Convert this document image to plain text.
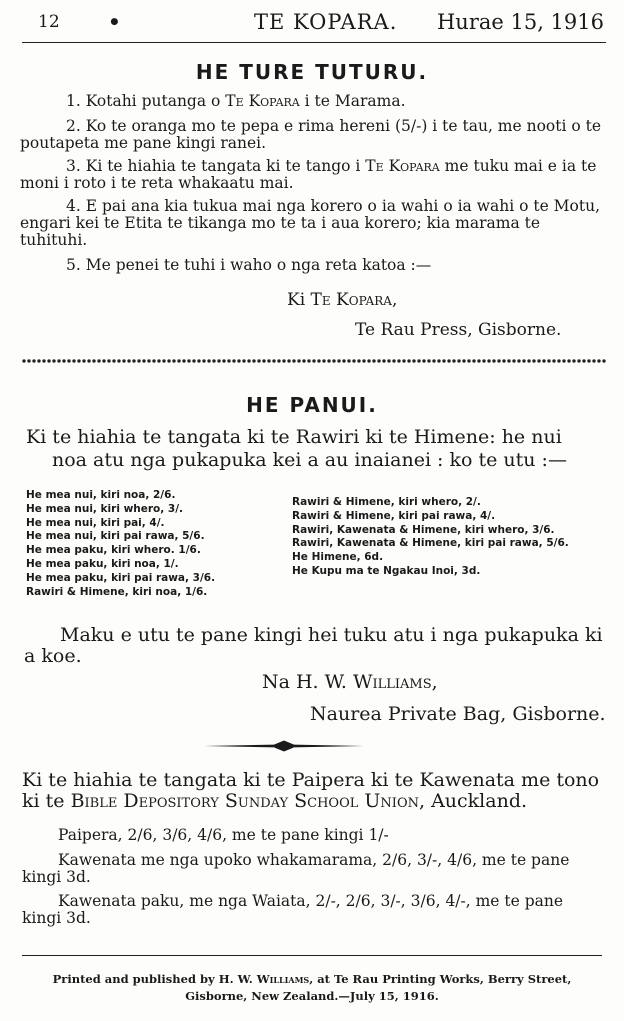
12 •	TE KOPARA. Hurae 15, 1916
HE TURE TUTURU.

1. Kotahi putanga o Te Kopara i te Marama.

2. Ko te oranga mo te pepa e rima hereni (5/-) i te tau, me nooti o te poutapeta me pane kingi ranei.

3. Ki te hiahia te tangata ki te tango i Te Kopara me tuku mai e ia te moni i roto i te reta whakaatu mai.

4. E pai ana kia tukua mai nga korero o ia wahi o ia wahi o te Motu, engari kei te Etita te tikanga mo te ta i aua korero; kia marama te tuhituhi.

5. Me penei te tuhi i waho o nga reta katoa :—

Ki Te Kopara,

Te Rau Press, Gisborne.

HE PANUI.

Ki te hiahia te tangata ki te Rawiri ki te Himene: he nui

noa atu nga pukapuka kei a au inaianei : ko te utu :—

He mea nui, kiri noa, 2/6.
He mea nui, kiri whero, 3/.
He mea nui, kiri pai, 4/.
He mea nui, kiri pai rawa, 5/6.
He mea paku, kiri whero. 1/6.
He mea paku, kiri noa, 1/.
He mea paku, kiri pai rawa, 3/6.
Rawiri & Himene, kiri noa, 1/6.
Rawiri & Himene, kiri whero, 2/.
Rawiri & Himene, kiri pai rawa, 4/.
Rawiri, Kawenata & Himene, kiri whero, 3/6.
Rawiri, Kawenata & Himene, kiri pai rawa, 5/6.
He Himene, 6d.
He Kupu ma te Ngakau Inoi, 3d.

Maku e utu te pane kingi hei tuku atu i nga pukapuka ki a koe.

Na H. W. Williams,

Naurea Private Bag, Gisborne.

Ki te hiahia te tangata ki te Paipera ki te Kawenata me tono ki te Bible Depository Sunday School Union, Auckland.

Paipera, 2/6, 3/6, 4/6, me te pane kingi 1/-

Kawenata me nga upoko whakamarama, 2/6, 3/-, 4/6, me te pane kingi 3d.

Kawenata paku, me nga Waiata, 2/-, 2/6, 3/-, 3/6, 4/-, me te pane kingi 3d.

Printed and published by H. W. Williams, at Te Rau Printing Works, Berry Street, Gisborne, New Zealand.—July 15, 1916.
